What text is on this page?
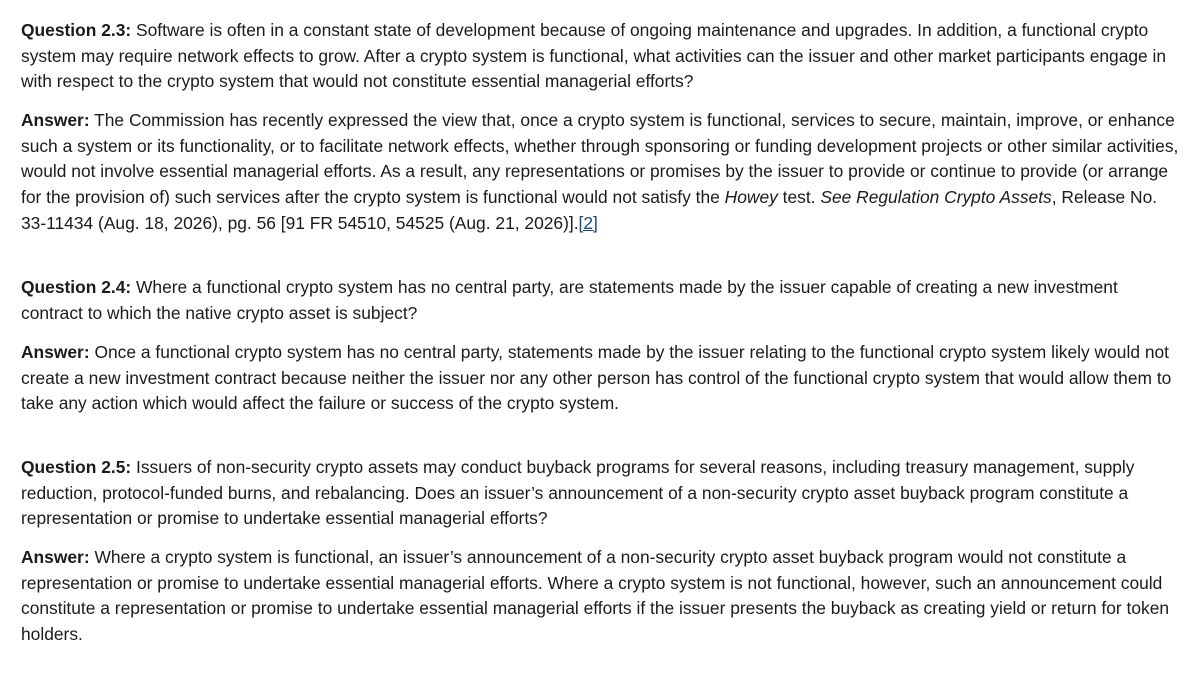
Question 2.3: Software is often in a constant state of development because of ongoing maintenance and upgrades. In addition, a functional crypto system may require network effects to grow. After a crypto system is functional, what activities can the issuer and other market participants engage in with respect to the crypto system that would not constitute essential managerial efforts?

Answer: The Commission has recently expressed the view that, once a crypto system is functional, services to secure, maintain, improve, or enhance such a system or its functionality, or to facilitate network effects, whether through sponsoring or funding development projects or other similar activities, would not involve essential managerial efforts. As a result, any representations or promises by the issuer to provide or continue to provide (or arrange for the provision of) such services after the crypto system is functional would not satisfy the Howey test. See Regulation Crypto Assets, Release No. 33-11434 (Aug. 18, 2026), pg. 56 [91 FR 54510, 54525 (Aug. 21, 2026)].[2]

Question 2.4: Where a functional crypto system has no central party, are statements made by the issuer capable of creating a new investment contract to which the native crypto asset is subject?

Answer: Once a functional crypto system has no central party, statements made by the issuer relating to the functional crypto system likely would not create a new investment contract because neither the issuer nor any other person has control of the functional crypto system that would allow them to take any action which would affect the failure or success of the crypto system.

Question 2.5: Issuers of non-security crypto assets may conduct buyback programs for several reasons, including treasury management, supply reduction, protocol-funded burns, and rebalancing. Does an issuer’s announcement of a non-security crypto asset buyback program constitute a representation or promise to undertake essential managerial efforts?

Answer: Where a crypto system is functional, an issuer’s announcement of a non-security crypto asset buyback program would not constitute a representation or promise to undertake essential managerial efforts. Where a crypto system is not functional, however, such an announcement could constitute a representation or promise to undertake essential managerial efforts if the issuer presents the buyback as creating yield or return for token holders.
